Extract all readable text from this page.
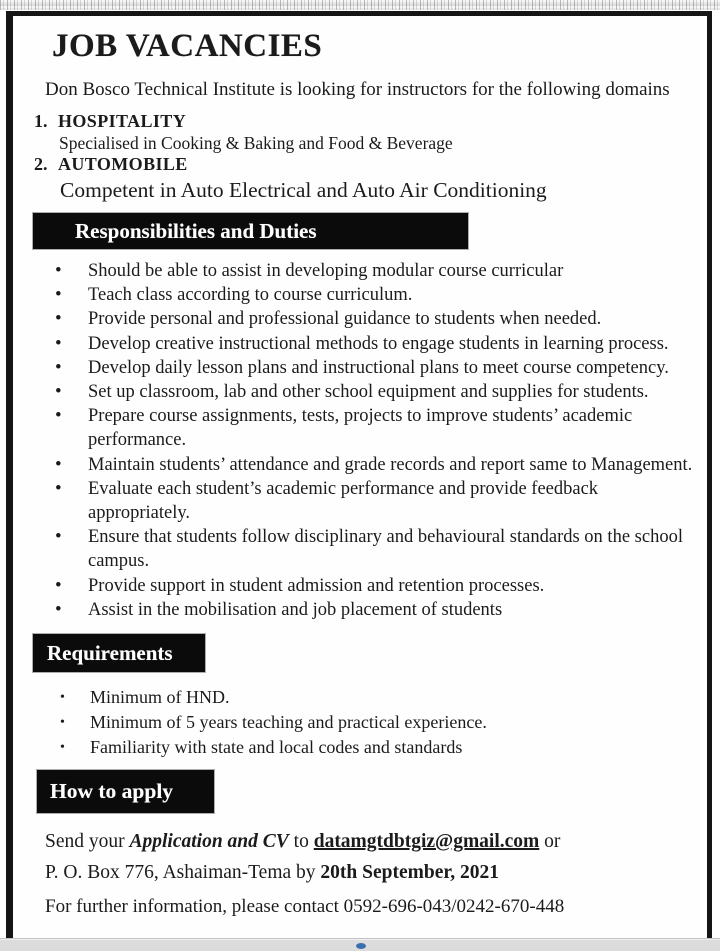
JOB VACANCIES

Don Bosco Technical Institute is looking for instructors for the following domains

1. HOSPITALITY
Specialised in Cooking & Baking and Food & Beverage
2. AUTOMOBILE
Competent in Auto Electrical and Auto Air Conditioning
Responsibilities and Duties
• Should be able to assist in developing modular course curricular
• Teach class according to course curriculum.
• Provide personal and professional guidance to students when needed.
• Develop creative instructional methods to engage students in learning process.
• Develop daily lesson plans and instructional plans to meet course competency.
• Set up classroom, lab and other school equipment and supplies for students.
• Prepare course assignments, tests, projects to improve students’ academic performance.
• Maintain students’ attendance and grade records and report same to Management.
• Evaluate each student’s academic performance and provide feedback appropriately.
• Ensure that students follow disciplinary and behavioural standards on the school campus.
• Provide support in student admission and retention processes.
• Assist in the mobilisation and job placement of students
Requirements
• Minimum of HND.
• Minimum of 5 years teaching and practical experience.
• Familiarity with state and local codes and standards
How to apply

Send your Application and CV to datamgtdbtgiz@gmail.com or
P. O. Box 776, Ashaiman-Tema by 20th September, 2021

For further information, please contact 0592-696-043/0242-670-448
